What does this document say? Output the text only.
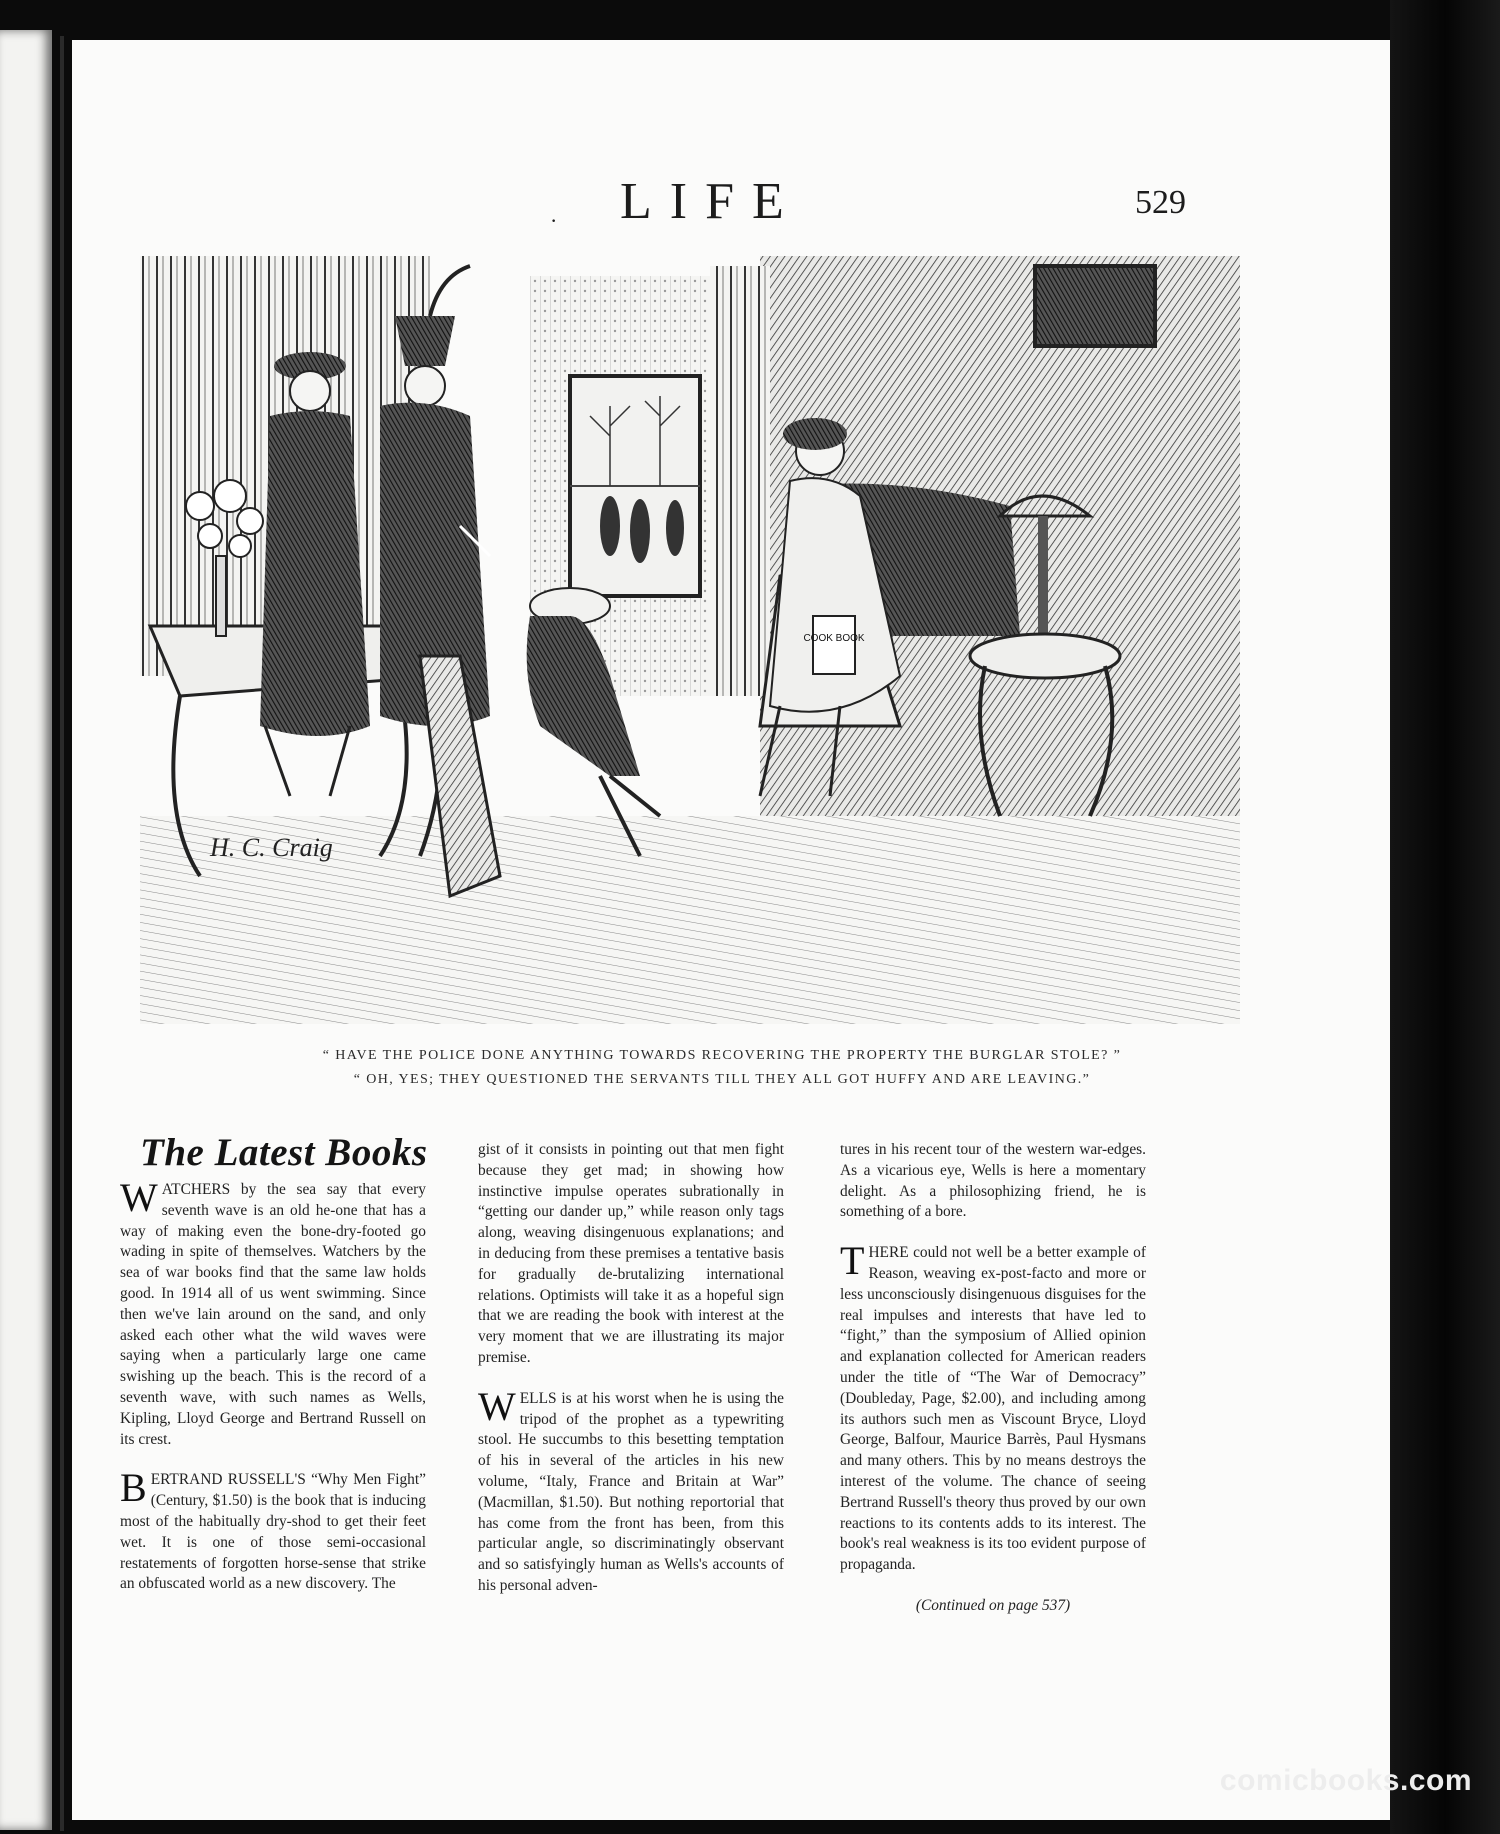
· LIFE	529
COOK BOOK
H. C. Craig
“ HAVE THE POLICE DONE ANYTHING TOWARDS RECOVERING THE PROPERTY THE BURGLAR STOLE? ”
“ OH, YES; THEY QUESTIONED THE SERVANTS TILL THEY ALL GOT HUFFY AND ARE LEAVING.”
The Latest Books

WATCHERS by the sea say that every seventh wave is an old he-one that has a way of making even the bone-dry-footed go wading in spite of themselves. Watchers by the sea of war books find that the same law holds good. In 1914 all of us went swimming. Since then we've lain around on the sand, and only asked each other what the wild waves were saying when a particularly large one came swishing up the beach. This is the record of a seventh wave, with such names as Wells, Kipling, Lloyd George and Bertrand Russell on its crest.

BERTRAND RUSSELL'S “Why Men Fight” (Century, $1.50) is the book that is inducing most of the habitually dry-shod to get their feet wet. It is one of those semi-occasional restatements of forgotten horse-sense that strike an obfuscated world as a new discovery. The

gist of it consists in pointing out that men fight because they get mad; in showing how instinctive impulse operates subrationally in “getting our dander up,” while reason only tags along, weaving disingenuous explanations; and in deducing from these premises a tentative basis for gradually de-brutalizing international relations. Optimists will take it as a hopeful sign that we are reading the book with interest at the very moment that we are illustrating its major premise.

WELLS is at his worst when he is using the tripod of the prophet as a typewriting stool. He succumbs to this besetting temptation of his in several of the articles in his new volume, “Italy, France and Britain at War” (Macmillan, $1.50). But nothing reportorial that has come from the front has been, from this particular angle, so discriminatingly observant and so satisfyingly human as Wells's accounts of his personal adven-

tures in his recent tour of the western war-edges. As a vicarious eye, Wells is here a momentary delight. As a philosophizing friend, he is something of a bore.

THERE could not well be a better example of Reason, weaving ex-post-facto and more or less unconsciously disingenuous disguises for the real impulses and interests that have led to “fight,” than the symposium of Allied opinion and explanation collected for American readers under the title of “The War of Democracy” (Doubleday, Page, $2.00), and including among its authors such men as Viscount Bryce, Lloyd George, Balfour, Maurice Barrès, Paul Hysmans and many others. This by no means destroys the interest of the volume. The chance of seeing Bertrand Russell's theory thus proved by our own reactions to its contents adds to its interest. The book's real weakness is its too evident purpose of propaganda.

(Continued on page 537)
comicbooks.com
